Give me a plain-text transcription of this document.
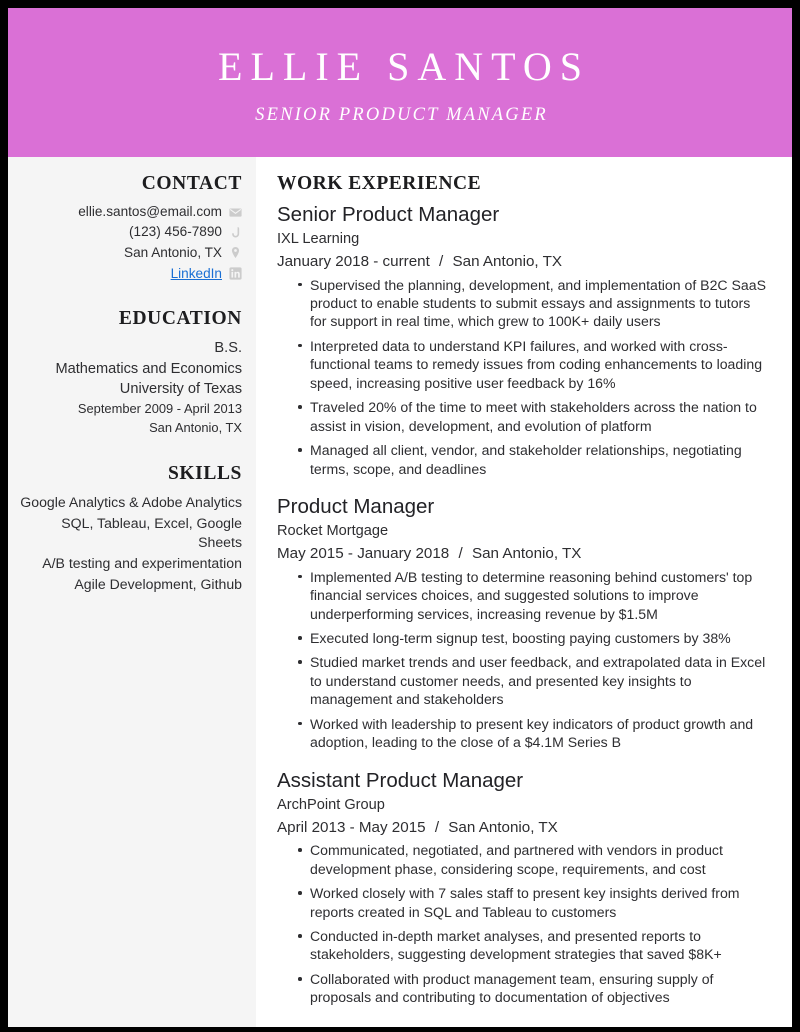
ELLIE SANTOS
SENIOR PRODUCT MANAGER
CONTACT
ellie.santos@email.com
(123) 456-7890
San Antonio, TX
LinkedIn
EDUCATION
B.S.
Mathematics and Economics
University of Texas
September 2009 - April 2013
San Antonio, TX
SKILLS
Google Analytics & Adobe Analytics
SQL, Tableau, Excel, Google Sheets
A/B testing and experimentation
Agile Development, Github
WORK EXPERIENCE
Senior Product Manager
IXL Learning
January 2018 - current / San Antonio, TX
Supervised the planning, development, and implementation of B2C SaaS product to enable students to submit essays and assignments to tutors for support in real time, which grew to 100K+ daily users
Interpreted data to understand KPI failures, and worked with cross-functional teams to remedy issues from coding enhancements to loading speed, increasing positive user feedback by 16%
Traveled 20% of the time to meet with stakeholders across the nation to assist in vision, development, and evolution of platform
Managed all client, vendor, and stakeholder relationships, negotiating terms, scope, and deadlines
Product Manager
Rocket Mortgage
May 2015 - January 2018 / San Antonio, TX
Implemented A/B testing to determine reasoning behind customers' top financial services choices, and suggested solutions to improve underperforming services, increasing revenue by $1.5M
Executed long-term signup test, boosting paying customers by 38%
Studied market trends and user feedback, and extrapolated data in Excel to understand customer needs, and presented key insights to management and stakeholders
Worked with leadership to present key indicators of product growth and adoption, leading to the close of a $4.1M Series B
Assistant Product Manager
ArchPoint Group
April 2013 - May 2015 / San Antonio, TX
Communicated, negotiated, and partnered with vendors in product development phase, considering scope, requirements, and cost
Worked closely with 7 sales staff to present key insights derived from reports created in SQL and Tableau to customers
Conducted in-depth market analyses, and presented reports to stakeholders, suggesting development strategies that saved $8K+
Collaborated with product management team, ensuring supply of proposals and contributing to documentation of objectives
